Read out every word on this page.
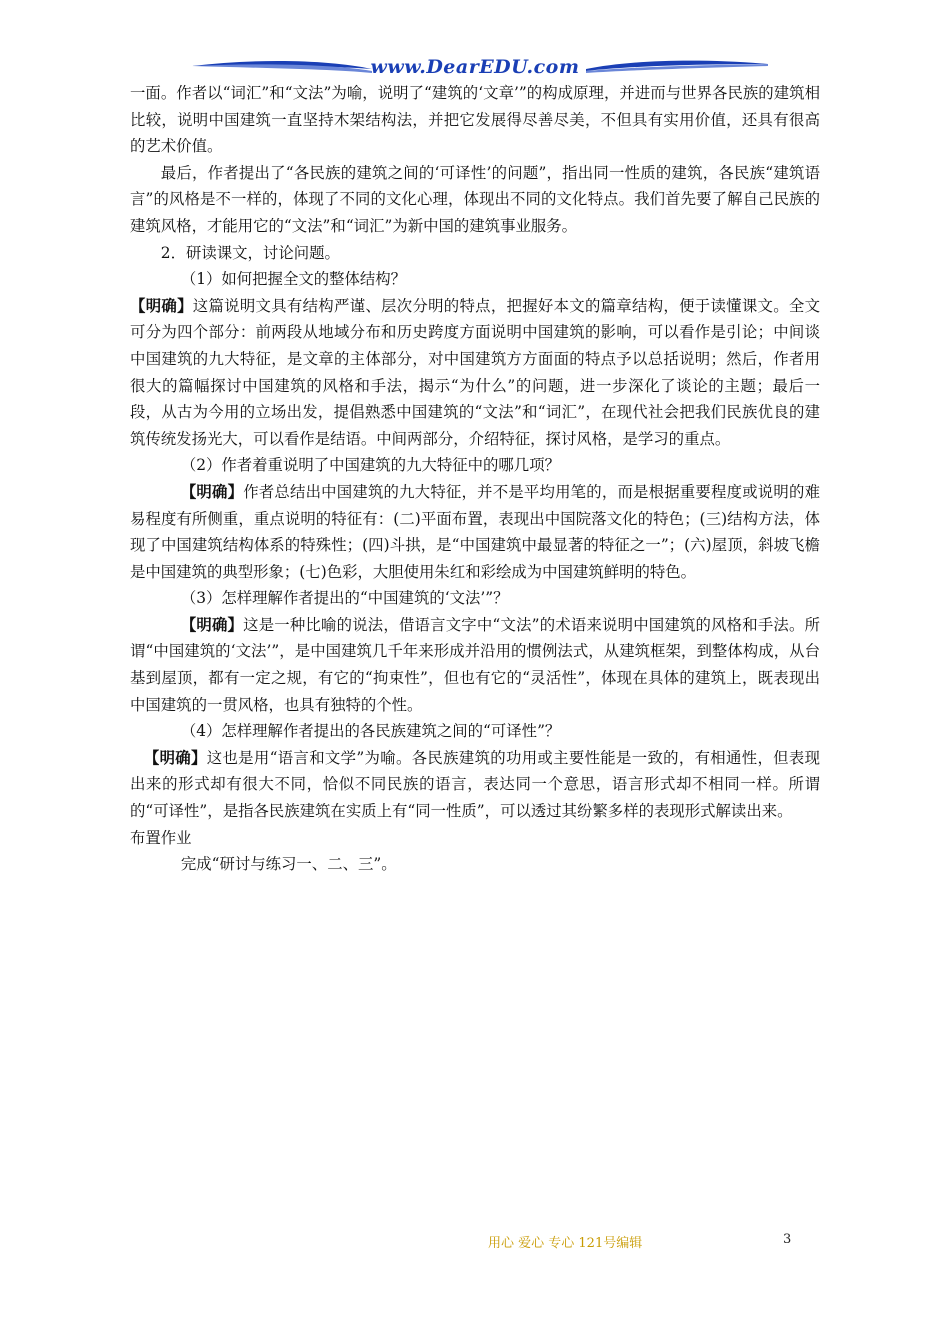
www.DearEDU.com

一面。作者以“词汇”和“文法”为喻，说明了“建筑的‘文章’”的构成原理，并进而与世界各民族的建筑相比较，说明中国建筑一直坚持木架结构法，并把它发展得尽善尽美，不但具有实用价值，还具有很高的艺术价值。

最后，作者提出了“各民族的建筑之间的‘可译性’的问题”，指出同一性质的建筑，各民族“建筑语言”的风格是不一样的，体现了不同的文化心理，体现出不同的文化特点。我们首先要了解自己民族的建筑风格，才能用它的“文法”和“词汇”为新中国的建筑事业服务。

2．研读课文，讨论问题。

（1）如何把握全文的整体结构？

【明确】这篇说明文具有结构严谨、层次分明的特点，把握好本文的篇章结构，便于读懂课文。全文可分为四个部分：前两段从地域分布和历史跨度方面说明中国建筑的影响，可以看作是引论；中间谈中国建筑的九大特征，是文章的主体部分，对中国建筑方方面面的特点予以总括说明；然后，作者用很大的篇幅探讨中国建筑的风格和手法，揭示“为什么”的问题，进一步深化了谈论的主题；最后一段，从古为今用的立场出发，提倡熟悉中国建筑的“文法”和“词汇”，在现代社会把我们民族优良的建筑传统发扬光大，可以看作是结语。中间两部分，介绍特征，探讨风格，是学习的重点。

（2）作者着重说明了中国建筑的九大特征中的哪几项？

【明确】作者总结出中国建筑的九大特征，并不是平均用笔的，而是根据重要程度或说明的难易程度有所侧重，重点说明的特征有：(二)平面布置，表现出中国院落文化的特色；(三)结构方法，体现了中国建筑结构体系的特殊性；(四)斗拱，是“中国建筑中最显著的特征之一”；(六)屋顶，斜坡飞檐是中国建筑的典型形象；(七)色彩，大胆使用朱红和彩绘成为中国建筑鲜明的特色。

（3）怎样理解作者提出的“中国建筑的‘文法’”？

【明确】这是一种比喻的说法，借语言文字中“文法”的术语来说明中国建筑的风格和手法。所谓“中国建筑的‘文法’”，是中国建筑几千年来形成并沿用的惯例法式，从建筑框架，到整体构成，从台基到屋顶，都有一定之规，有它的“拘束性”，但也有它的“灵活性”，体现在具体的建筑上，既表现出中国建筑的一贯风格，也具有独特的个性。

（4）怎样理解作者提出的各民族建筑之间的“可译性”？

【明确】这也是用“语言和文学”为喻。各民族建筑的功用或主要性能是一致的，有相通性，但表现出来的形式却有很大不同，恰似不同民族的语言，表达同一个意思，语言形式却不相同一样。所谓的“可译性”，是指各民族建筑在实质上有“同一性质”，可以透过其纷繁多样的表现形式解读出来。

布置作业

完成“研讨与练习一、二、三”。

用心 爱心 专心 121号编辑	3
